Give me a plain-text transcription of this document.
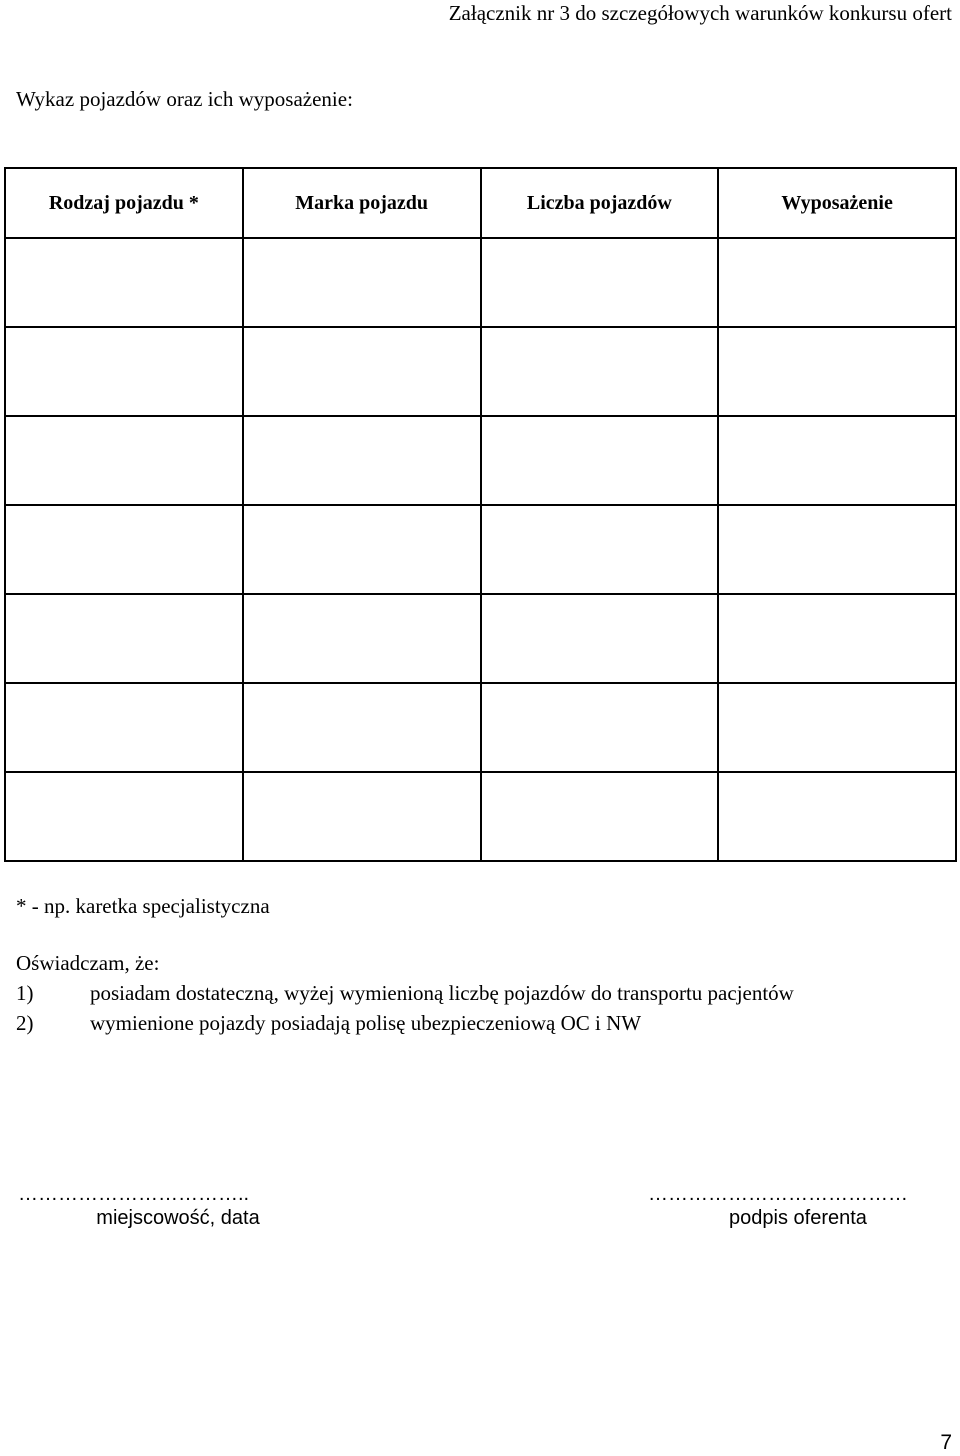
Załącznik nr 3 do szczegółowych warunków konkursu ofert
Wykaz pojazdów oraz ich wyposażenie:
Rodzaj pojazdu *	Marka pojazdu	Liczba pojazdów	Wyposażenie

* - np. karetka specjalistyczna
Oświadczam, że:
1)	posiadam dostateczną, wyżej wymienioną liczbę pojazdów do transportu pacjentów
2)	wymienione pojazdy posiadają polisę ubezpieczeniową OC i NW
……………………………..
miejscowość, data
…………………………………
podpis oferenta
7
